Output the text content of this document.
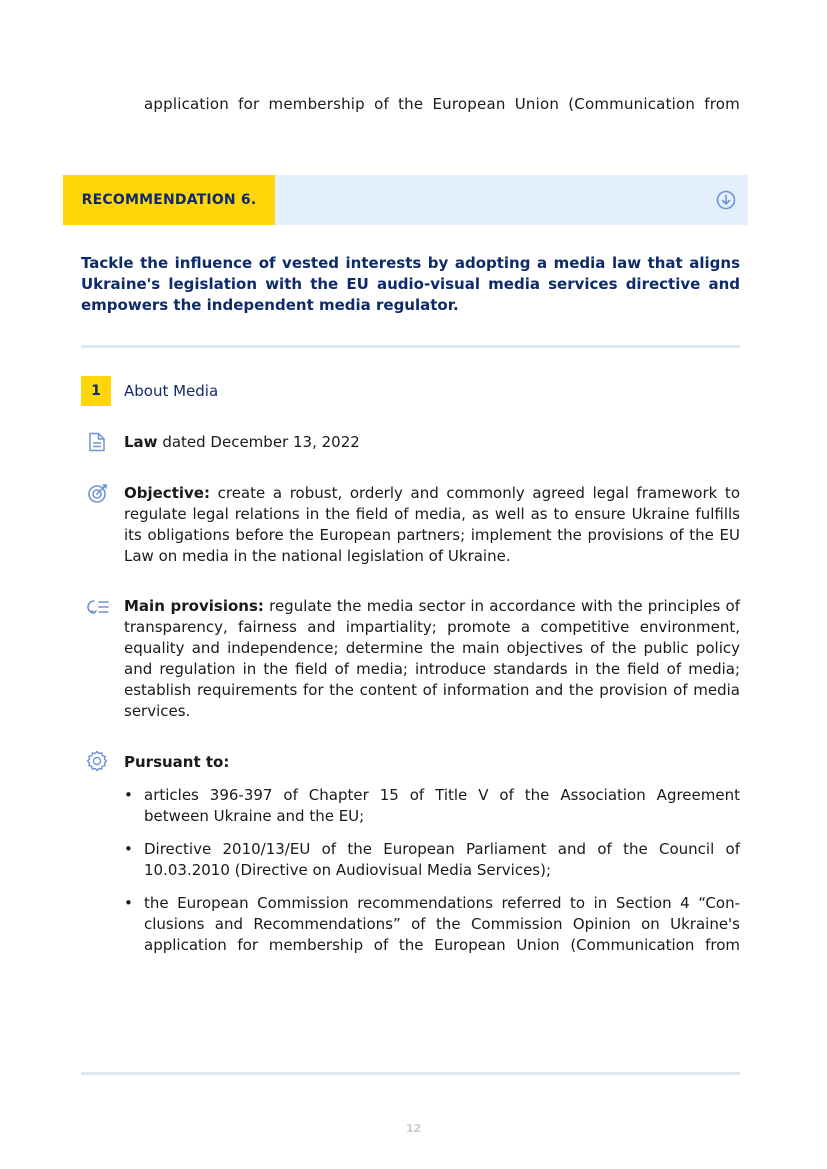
application for membership of the European Union (Communication from
RECOMMENDATION 6.
Tackle the influence of vested interests by adopting a media law that aligns Ukraine's legislation with the EU audio-visual media services directive and empowers the independent media regulator.
1	About Media
Law dated December 13, 2022
Objective: create a robust, orderly and commonly agreed legal framework to regulate legal relations in the field of media, as well as to ensure Ukraine fulfills its obligations before the European partners; implement the provisions of the EU Law on media in the national legislation of Ukraine.
Main provisions: regulate the media sector in accordance with the principles of transparency, fairness and impartiality; promote a competitive environment, equality and independence; determine the main objectives of the public policy and regulation in the field of media; introduce standards in the field of media; establish requirements for the content of information and the provision of media services.
Pursuant to:
• articles 396-397 of Chapter 15 of Title V of the Association Agreement between Ukraine and the EU;
• Directive 2010/13/EU of the European Parliament and of the Council of 10.03.2010 (Directive on Audiovisual Media Services);
• the European Commission recommendations referred to in Section 4 “Con-clusions and Recommendations” of the Commission Opinion on Ukraine's application for membership of the European Union (Communication from
12
